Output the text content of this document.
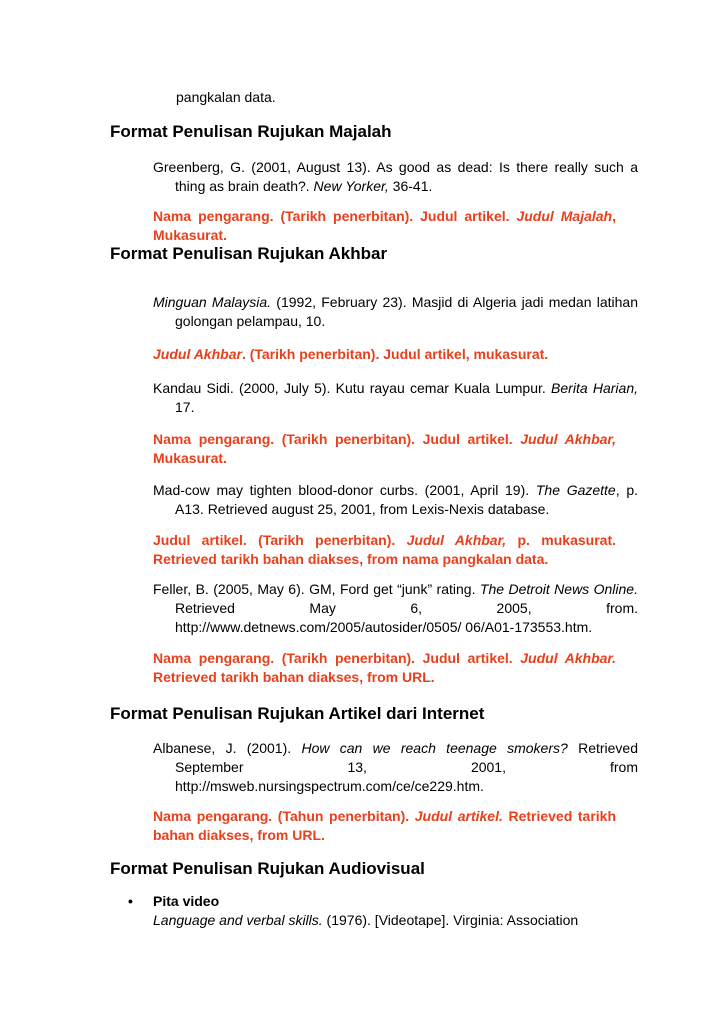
pangkalan data.
Format Penulisan Rujukan Majalah

Greenberg, G. (2001, August 13). As good as dead: Is there really such a thing as brain death?. New Yorker, 36-41.

Nama pengarang. (Tarikh penerbitan). Judul artikel. Judul Majalah, Mukasurat.

Format Penulisan Rujukan Akhbar

Minguan Malaysia. (1992, February 23). Masjid di Algeria jadi medan latihan golongan pelampau, 10.

Judul Akhbar. (Tarikh penerbitan). Judul artikel, mukasurat.

Kandau Sidi. (2000, July 5). Kutu rayau cemar Kuala Lumpur. Berita Harian, 17.

Nama pengarang. (Tarikh penerbitan). Judul artikel. Judul Akhbar, Mukasurat.

Mad-cow may tighten blood-donor curbs. (2001, April 19). The Gazette, p. A13. Retrieved august 25, 2001, from Lexis-Nexis database.

Judul artikel. (Tarikh penerbitan). Judul Akhbar, p. mukasurat. Retrieved tarikh bahan diakses, from nama pangkalan data.

Feller, B. (2005, May 6). GM, Ford get “junk” rating. The Detroit News Online. Retrieved May 6, 2005, from.

http://www.detnews.com/2005/autosider/0505/ 06/A01-173553.htm.

Nama pengarang. (Tarikh penerbitan). Judul artikel. Judul Akhbar. Retrieved tarikh bahan diakses, from URL.

Format Penulisan Rujukan Artikel dari Internet

Albanese, J. (2001). How can we reach teenage smokers? Retrieved September 13, 2001, from

http://msweb.nursingspectrum.com/ce/ce229.htm.

Nama pengarang. (Tahun penerbitan). Judul artikel. Retrieved tarikh bahan diakses, from URL.

Format Penulisan Rujukan Audiovisual
• Pita video
Language and verbal skills. (1976). [Videotape]. Virginia: Association
